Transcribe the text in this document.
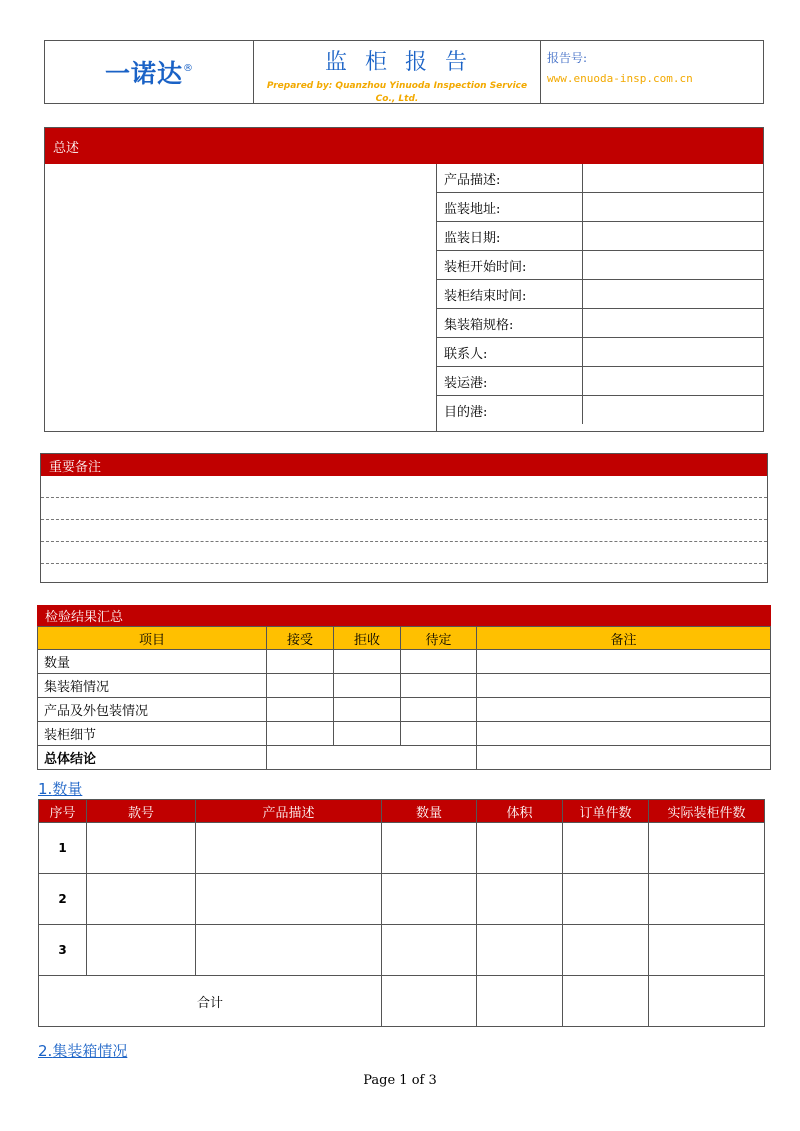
一诺达 ®	监柜报告
Prepared by: Quanzhou Yinuoda Inspection Service Co., Ltd.
报告号:
www.enuoda-insp.com.cn
总述
产品描述:	
监装地址:	
监装日期:	
装柜开始时间:	
装柜结束时间:	
集装箱规格:	
联系人:	
装运港:	
目的港:	
重要备注
检验结果汇总
项目	接受	拒收	待定	备注
数量				
集装箱情况				
产品及外包装情况				
装柜细节				
总体结论				
1.数量
序号	款号	产品描述	数量	体积	订单件数	实际装柜件数
1						
2						
3						
合计						
2.集装箱情况
Page 1 of 3
